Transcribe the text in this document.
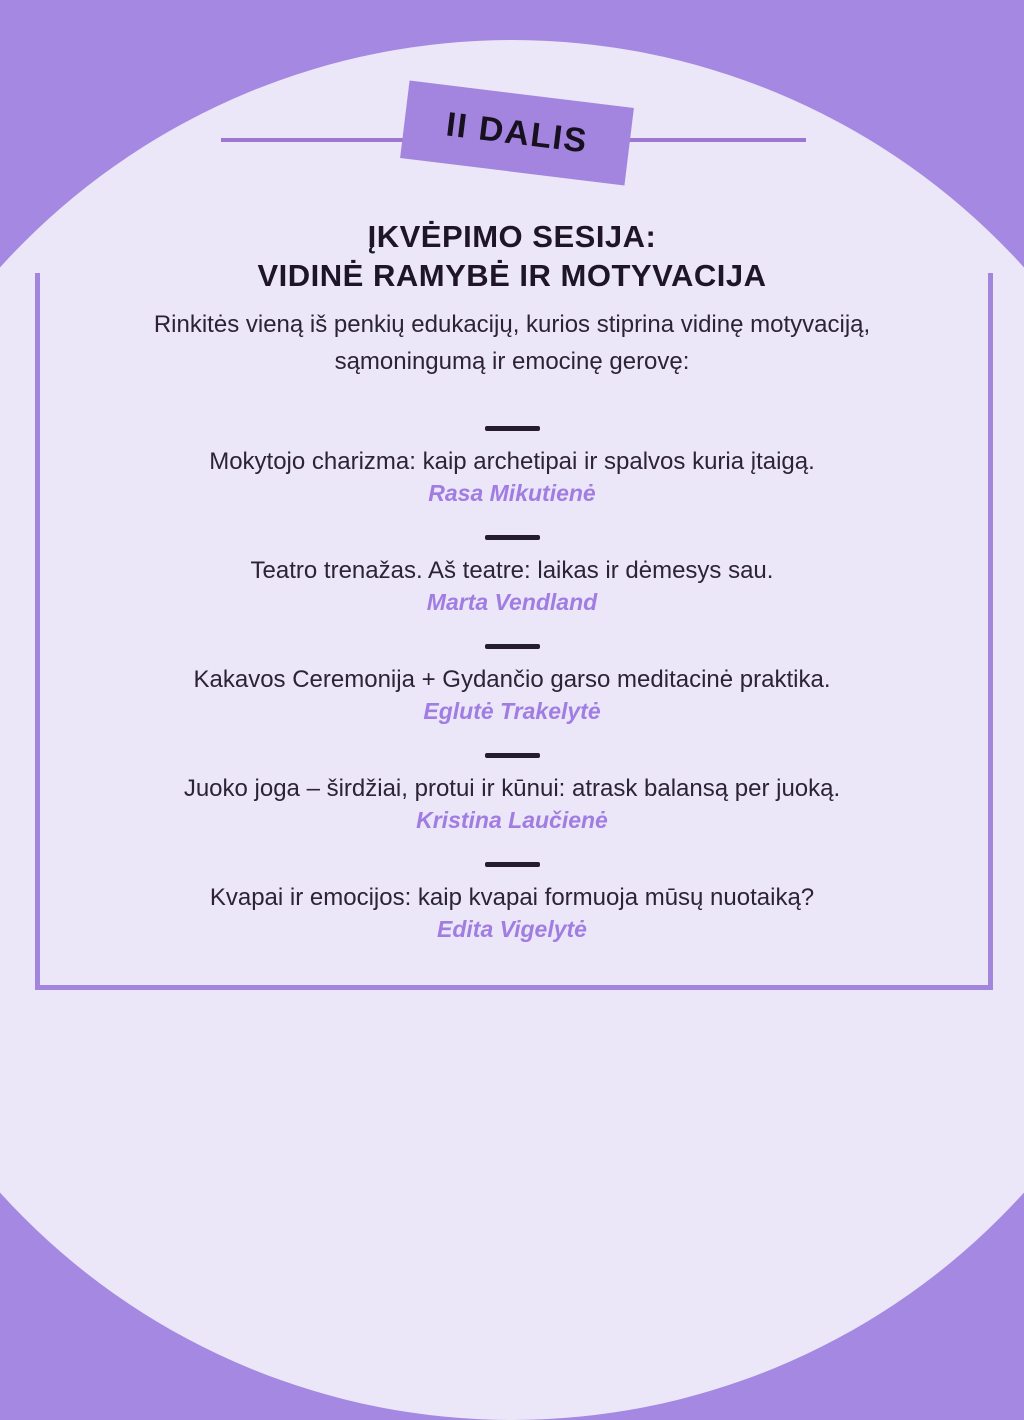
II DALIS
ĮKVĖPIMO SESIJA:
VIDINĖ RAMYBĖ IR MOTYVACIJA
Rinkitės vieną iš penkių edukacijų, kurios stiprina vidinę motyvaciją,
sąmoningumą ir emocinę gerovę:
Mokytojo charizma: kaip archetipai ir spalvos kuria įtaigą.
Rasa Mikutienė
Teatro trenažas. Aš teatre: laikas ir dėmesys sau.
Marta Vendland
Kakavos Ceremonija + Gydančio garso meditacinė praktika.
Eglutė Trakelytė
Juoko joga – širdžiai, protui ir kūnui: atrask balansą per juoką.
Kristina Laučienė
Kvapai ir emocijos: kaip kvapai formuoja mūsų nuotaiką?
Edita Vigelytė
